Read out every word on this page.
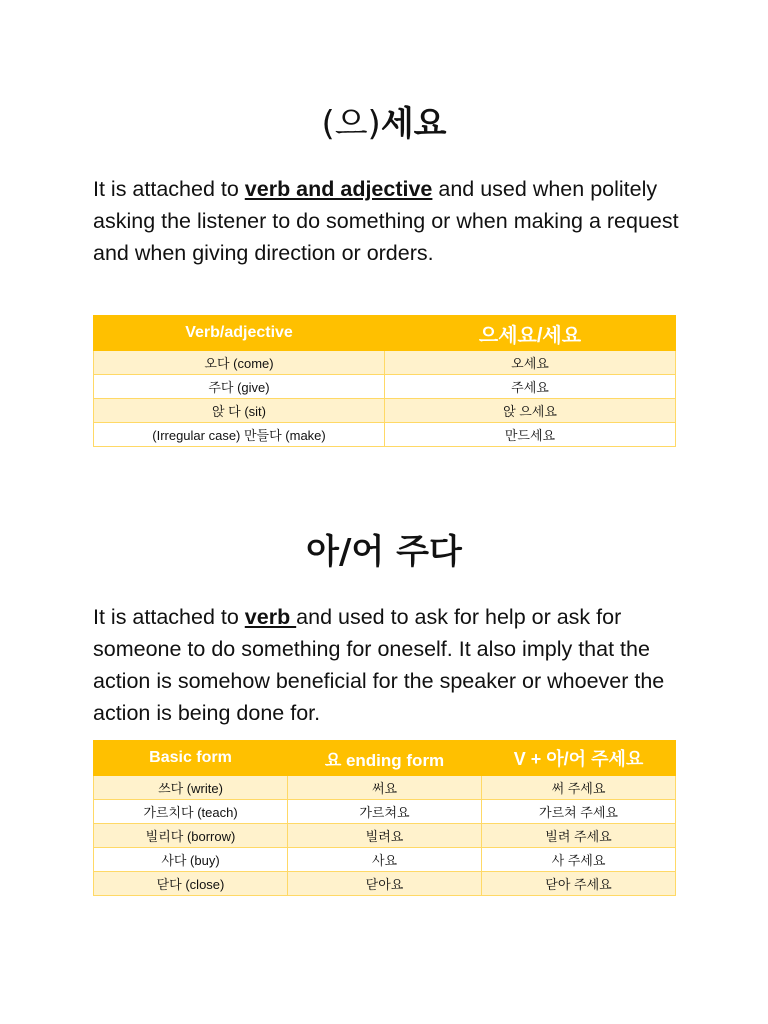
(으)세요

It is attached to verb and adjective and used when politely asking the listener to do something or when making a request and when giving direction or orders.

Verb/adjective	으세요/세요
오다 (come)	오세요
주다 (give)	주세요
앉 다 (sit)	앉 으세요
(Irregular case) 만들다 (make)	만드세요
아/어 주다

It is attached to verb and used to ask for help or ask for someone to do something for oneself. It also imply that the action is somehow beneficial for the speaker or whoever the action is being done for.

Basic form	요 ending form	V + 아/어 주세요
쓰다 (write)	써요	써 주세요
가르치다 (teach)	가르쳐요	가르쳐 주세요
빌리다 (borrow)	빌려요	빌려 주세요
사다 (buy)	사요	사 주세요
닫다 (close)	닫아요	닫아 주세요
